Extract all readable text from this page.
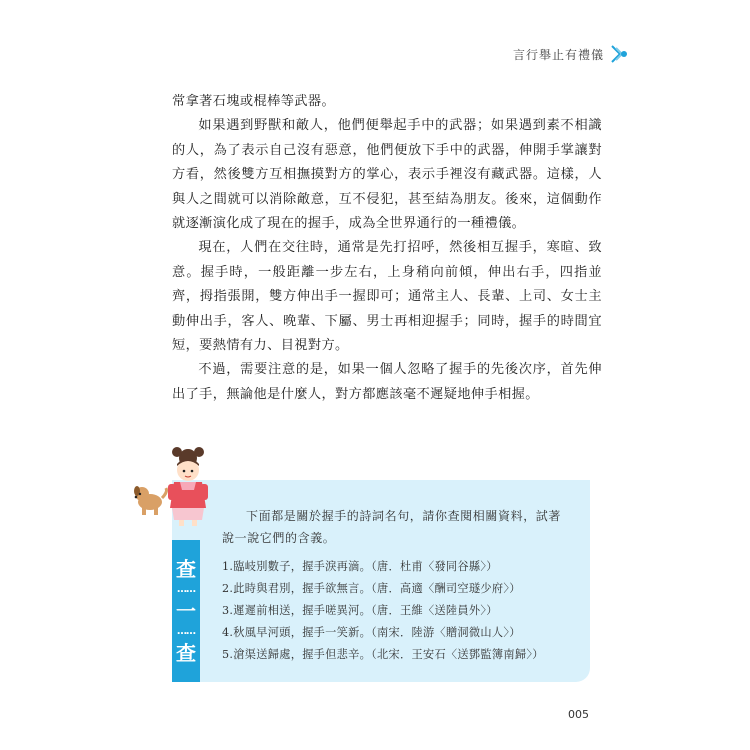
言行舉止有禮儀

常拿著石塊或棍棒等武器。

如果遇到野獸和敵人，他們便舉起手中的武器；如果遇到素不相識的人，為了表示自己沒有惡意，他們便放下手中的武器，伸開手掌讓對方看，然後雙方互相撫摸對方的掌心，表示手裡沒有藏武器。這樣，人與人之間就可以消除敵意，互不侵犯，甚至結為朋友。後來，這個動作就逐漸演化成了現在的握手，成為全世界通行的一種禮儀。

現在，人們在交往時，通常是先打招呼，然後相互握手，寒暄、致意。握手時，一般距離一步左右，上身稍向前傾，伸出右手，四指並齊，拇指張開，雙方伸出手一握即可；通常主人、長輩、上司、女士主動伸出手，客人、晚輩、下屬、男士再相迎握手；同時，握手的時間宜短，要熱情有力、目視對方。

不過，需要注意的是，如果一個人忽略了握手的先後次序，首先伸出了手，無論他是什麼人，對方都應該毫不遲疑地伸手相握。

查
……
一
……
查
下面都是關於握手的詩詞名句，請你查閱相關資料，試著說一說它們的含義。
1.臨岐別數子，握手淚再滴。（唐．杜甫〈發同谷縣〉）
2.此時與君別，握手欲無言。（唐．高適〈酬司空璲少府〉）
3.遲遲前相送，握手嗟異河。（唐．王維〈送陸員外〉）
4.秋風早河頭，握手一笑新。（南宋．陸游〈贈洞微山人〉）
5.滄渠送歸處，握手但悲辛。（北宋．王安石〈送鄧監簿南歸〉）
005
